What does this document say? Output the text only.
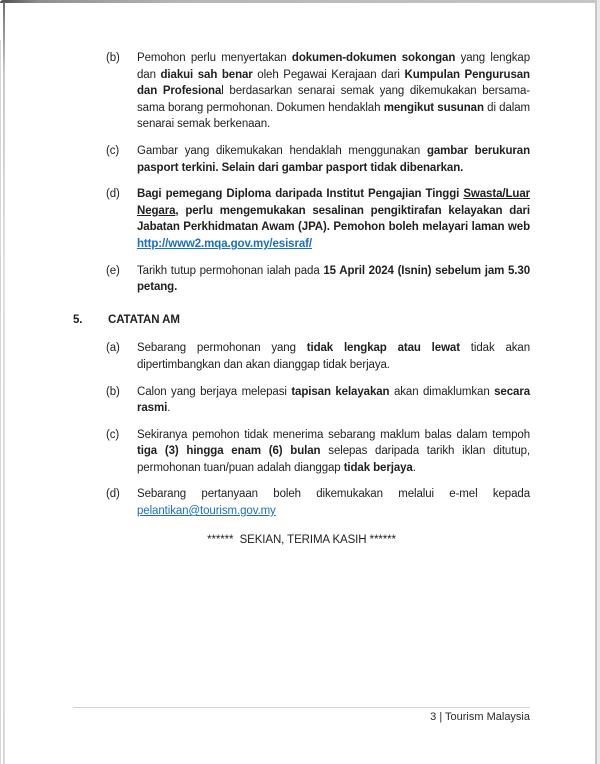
(b)	Pemohon perlu menyertakan dokumen-dokumen sokongan yang lengkap dan diakui sah benar oleh Pegawai Kerajaan dari Kumpulan Pengurusan dan Profesional berdasarkan senarai semak yang dikemukakan bersama-sama borang permohonan. Dokumen hendaklah mengikut susunan di dalam senarai semak berkenaan.
(c)	Gambar yang dikemukakan hendaklah menggunakan gambar berukuran pasport terkini. Selain dari gambar pasport tidak dibenarkan.
(d)	Bagi pemegang Diploma daripada Institut Pengajian Tinggi Swasta/Luar Negara, perlu mengemukakan sesalinan pengiktirafan kelayakan dari Jabatan Perkhidmatan Awam (JPA). Pemohon boleh melayari laman web http://www2.mqa.gov.my/esisraf/
(e)	Tarikh tutup permohonan ialah pada 15 April 2024 (Isnin) sebelum jam 5.30 petang.
5.	CATATAN AM
(a)	Sebarang permohonan yang tidak lengkap atau lewat tidak akan dipertimbangkan dan akan dianggap tidak berjaya.
(b)	Calon yang berjaya melepasi tapisan kelayakan akan dimaklumkan secara rasmi.
(c)	Sekiranya pemohon tidak menerima sebarang maklum balas dalam tempoh tiga (3) hingga enam (6) bulan selepas daripada tarikh iklan ditutup, permohonan tuan/puan adalah dianggap tidak berjaya.
(d)	Sebarang pertanyaan boleh dikemukakan melalui e-mel kepada pelantikan@tourism.gov.my
******  SEKIAN, TERIMA KASIH ******
3 | Tourism Malaysia
